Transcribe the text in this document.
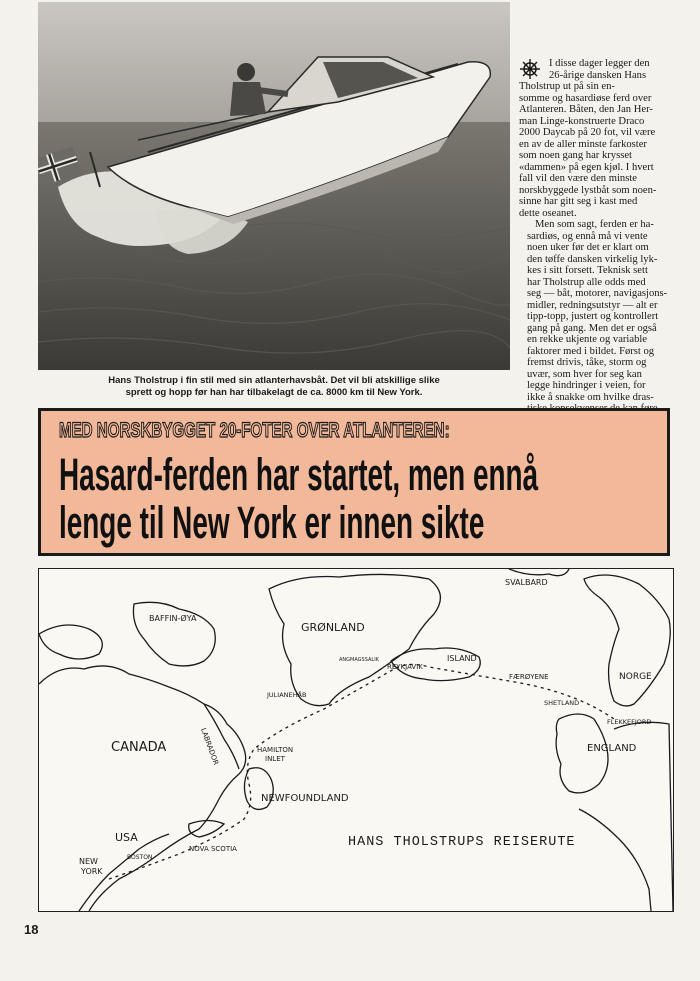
Hans Tholstrup i fin stil med sin atlanterhavsbåt. Det vil bli atskillige slike
sprett og hopp før han har tilbakelagt de ca. 8000 km til New York.

I disse dager legger den
26-årige dansken Hans
Tholstrup ut på sin en-
somme og hasardiøse ferd over
Atlanteren. Båten, den Jan Her-
man Linge-konstruerte Draco
2000 Daycab på 20 fot, vil være
en av de aller minste farkoster
som noen gang har krysset
«dammen» på egen kjøl. I hvert
fall vil den være den minste
norskbyggede lystbåt som noen-
sinne har gitt seg i kast med
dette oseanet.

Men som sagt, ferden er ha-
sardiøs, og ennå må vi vente
noen uker før det er klart om
den tøffe dansken virkelig lyk-
kes i sitt forsett. Teknisk sett
har Tholstrup alle odds med
seg — båt, motorer, navigasjons-
midler, redningsutstyr — alt er
tipp-topp, justert og kontrollert
gang på gang. Men det er også
en rekke ukjente og variable
faktorer med i bildet. Først og
fremst drivis, tåke, storm og
uvær, som hver for seg kan
legge hindringer i veien, for
ikke å snakke om hvilke dras-

MED NORSKBYGGET 20-FOTER OVER ATLANTEREN:
Hasard-ferden har startet, men ennå
lenge til New York er innen sikte
SVALBARD
BAFFIN-ØYA
GRØNLAND
ANGMAGSSALIK
REYKJAVIK
ISLAND
FÆRØYENE	NORGE
SHETLAND
FLEKKEFJORD
JULIANEHÅB
LABRADOR
CANADA	HAMILTON
INLET
ENGLAND
NEWFOUNDLAND
USA
BOSTON
NOVA SCOTIA
NEW
YORK
HANS THOLSTRUPS REISERUTE
18
